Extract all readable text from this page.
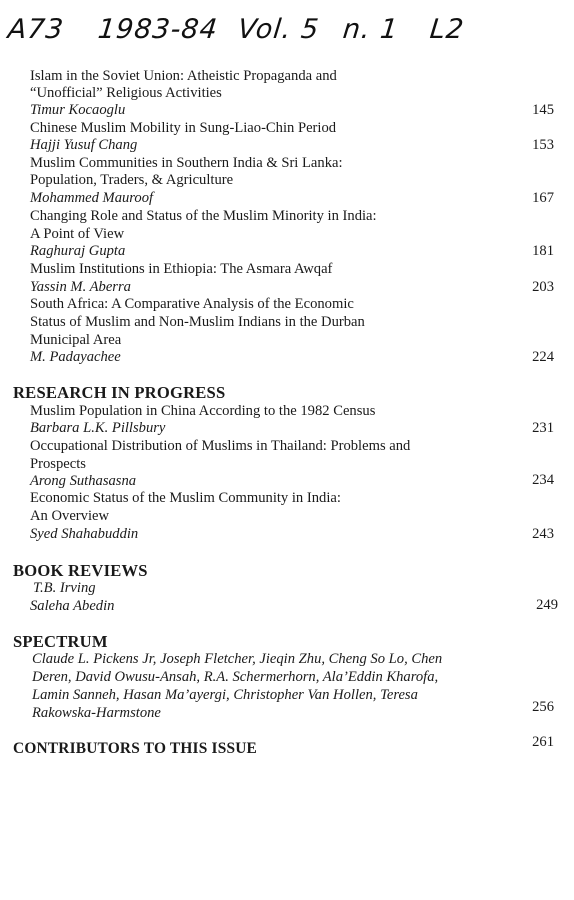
A73 1983-84 Vol. 5 n. 1 L2
Islam in the Soviet Union: Atheistic Propaganda and
“Unofficial” Religious Activities
Timur Kocaoglu	145
Chinese Muslim Mobility in Sung-Liao-Chin Period
Hajji Yusuf Chang	153
Muslim Communities in Southern India & Sri Lanka:
Population, Traders, & Agriculture
Mohammed Mauroof	167
Changing Role and Status of the Muslim Minority in India:
A Point of View
Raghuraj Gupta	181
Muslim Institutions in Ethiopia: The Asmara Awqaf
Yassin M. Aberra	203
South Africa: A Comparative Analysis of the Economic
Status of Muslim and Non-Muslim Indians in the Durban
Municipal Area
M. Padayachee	224
RESEARCH IN PROGRESS
Muslim Population in China According to the 1982 Census
Barbara L.K. Pillsbury	231
Occupational Distribution of Muslims in Thailand: Problems and
Prospects
Arong Suthasasna	234
Economic Status of the Muslim Community in India:
An Overview
Syed Shahabuddin	243
BOOK REVIEWS
T.B. Irving
Saleha Abedin	249
SPECTRUM
Claude L. Pickens Jr, Joseph Fletcher, Jieqin Zhu, Cheng So Lo, Chen
Deren, David Owusu-Ansah, R.A. Schermerhorn, Ala’Eddin Kharofa,
Lamin Sanneh, Hasan Ma’ayergi, Christopher Van Hollen, Teresa
Rakowska-Harmstone	256
CONTRIBUTORS TO THIS ISSUE	261
